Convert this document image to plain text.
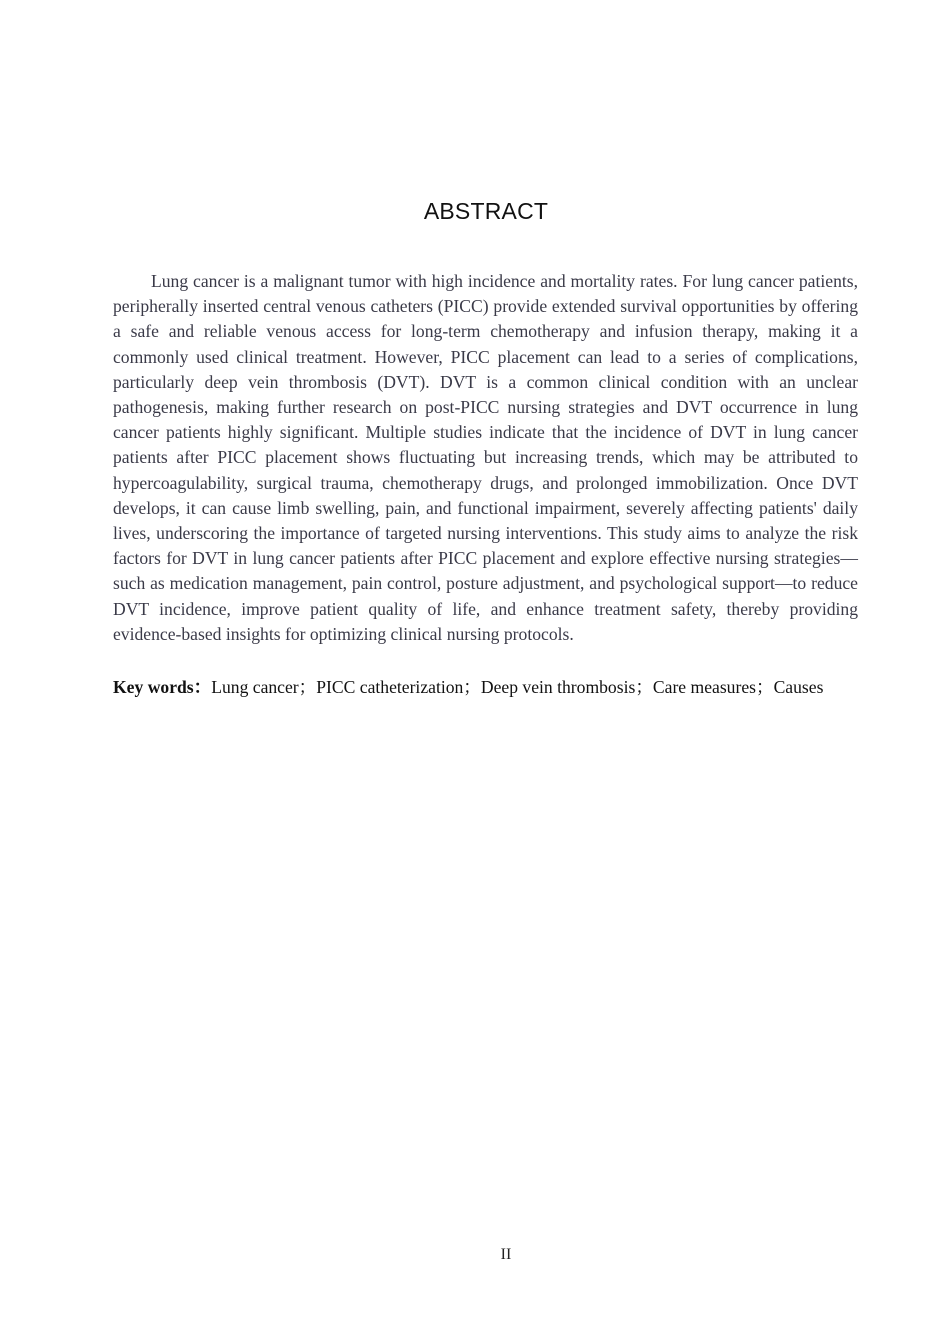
ABSTRACT

Lung cancer is a malignant tumor with high incidence and mortality rates. For lung cancer patients, peripherally inserted central venous catheters (PICC) provide extended survival opportunities by offering a safe and reliable venous access for long-term chemotherapy and infusion therapy, making it a commonly used clinical treatment. However, PICC placement can lead to a series of complications, particularly deep vein thrombosis (DVT). DVT is a common clinical condition with an unclear pathogenesis, making further research on post-PICC nursing strategies and DVT occurrence in lung cancer patients highly significant. Multiple studies indicate that the incidence of DVT in lung cancer patients after PICC placement shows fluctuating but increasing trends, which may be attributed to hypercoagulability, surgical trauma, chemotherapy drugs, and prolonged immobilization. Once DVT develops, it can cause limb swelling, pain, and functional impairment, severely affecting patients' daily lives, underscoring the importance of targeted nursing interventions. This study aims to analyze the risk factors for DVT in lung cancer patients after PICC placement and explore effective nursing strategies—such as medication management, pain control, posture adjustment, and psychological support—to reduce DVT incidence, improve patient quality of life, and enhance treatment safety, thereby providing evidence-based insights for optimizing clinical nursing protocols.

Key words：Lung cancer；PICC catheterization；Deep vein thrombosis；Care measures；Causes

II
